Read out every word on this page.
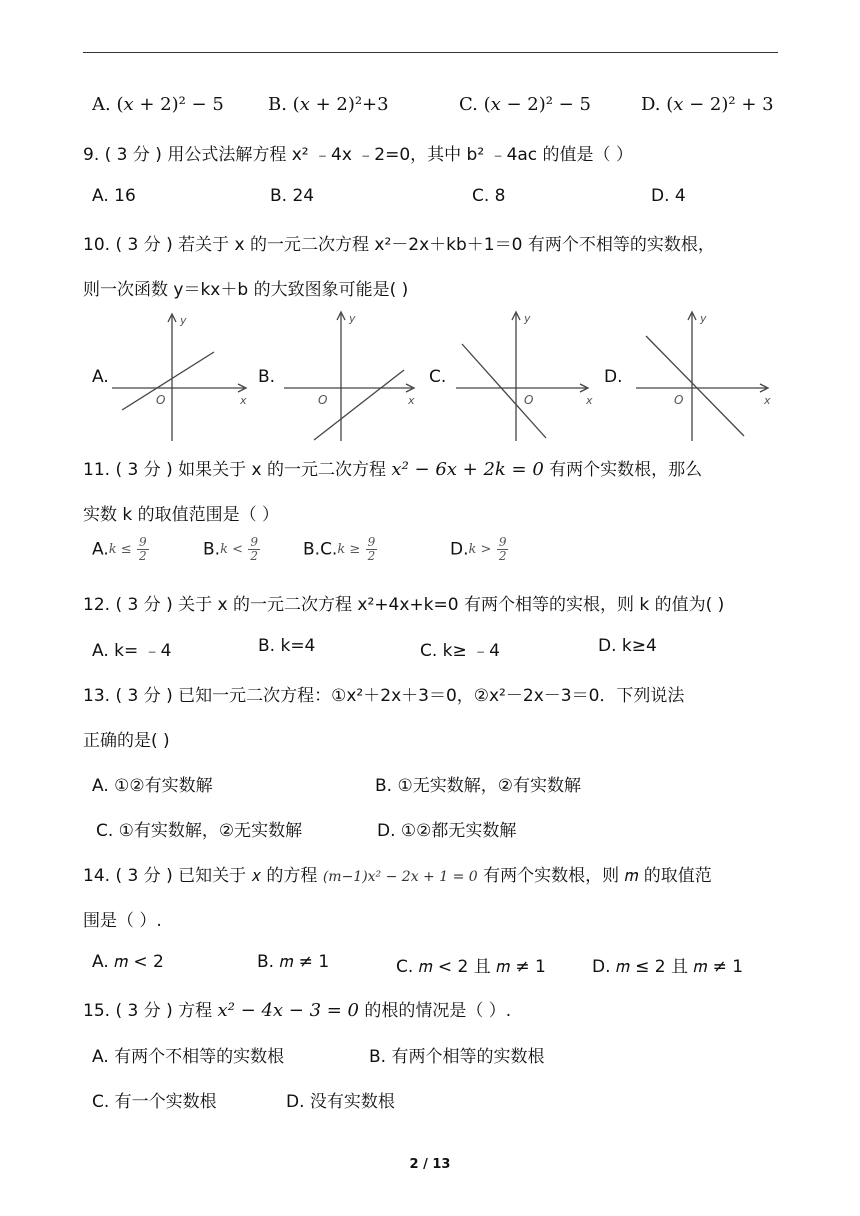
A. (𝑥 + 2)² − 5 B. (𝑥 + 2)²+3	C. (𝑥 − 2)² − 5	D. (𝑥 − 2)² + 3
9. ( 3 分 ) 用公式法解方程 x² ﹣4x ﹣2=0，其中 b² ﹣4ac 的值是（ ）
A. 16	B. 24	C. 8	D. 4
10. ( 3 分 ) 若关于 x 的一元二次方程 x²－2x＋kb＋1＝0 有两个不相等的实数根，
则一次函数 y＝kx＋b 的大致图象可能是( )
A.	B.	C.	D.
y
x
O
y
x
O
y
x
O
y
x
O
11. ( 3 分 ) 如果关于 x 的一元二次方程 𝑥² − 6𝑥 + 2𝑘 = 0 有两个实数根，那么
实数 k 的取值范围是（ ）
$A.k \le \frac{9}{2}$	$B.k < \frac{9}{2}$	$B.C.k \ge \frac{9}{2}$	$D.k > \frac{9}{2}$
12. ( 3 分 ) 关于 x 的一元二次方程 x²+4x+k=0 有两个相等的实根，则 k 的值为( )
A. k= ﹣4	B. k=4	C. k≥ ﹣4	D. k≥4
13. ( 3 分 ) 已知一元二次方程：①x²＋2x＋3＝0，②x²－2x－3＝0．下列说法
正确的是( )
A. ①②有实数解	B. ①无实数解，②有实数解
C. ①有实数解，②无实数解	D. ①②都无实数解
14. ( 3 分 ) 已知关于 𝑥 的方程 (m−1)x² − 2x + 1 = 0 有两个实数根，则 𝑚 的取值范
围是（ ）.
A. 𝑚 < 2	B. 𝑚 ≠ 1	C. 𝑚 < 2 且 𝑚 ≠ 1	D. 𝑚 ≤ 2 且 𝑚 ≠ 1
15. ( 3 分 ) 方程 𝑥² − 4𝑥 − 3 = 0 的根的情况是（ ）.
A. 有两个不相等的实数根	B. 有两个相等的实数根
C. 有一个实数根	D. 没有实数根
2 / 13
